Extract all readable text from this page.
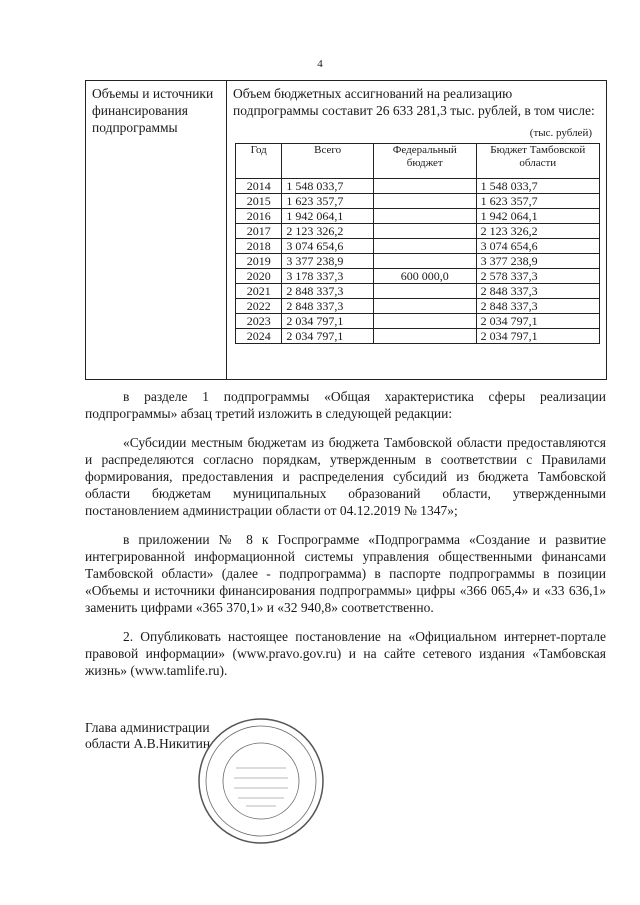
4
Объемы и источники финансирования подпрограммы
Объем бюджетных ассигнований на реализацию подпрограммы составит 26 633 281,3 тыс. рублей, в том числе:
(тыс. рублей)
Год	Всего	Федеральный бюджет	Бюджет Тамбовской области
2014	1 548 033,7		1 548 033,7
2015	1 623 357,7		1 623 357,7
2016	1 942 064,1		1 942 064,1
2017	2 123 326,2		2 123 326,2
2018	3 074 654,6		3 074 654,6
2019	3 377 238,9		3 377 238,9
2020	3 178 337,3	600 000,0	2 578 337,3
2021	2 848 337,3		2 848 337,3
2022	2 848 337,3		2 848 337,3
2023	2 034 797,1		2 034 797,1
2024	2 034 797,1		2 034 797,1

в разделе 1 подпрограммы «Общая характеристика сферы реализации подпрограммы» абзац третий изложить в следующей редакции:

«Субсидии местным бюджетам из бюджета Тамбовской области предоставляются и распределяются согласно порядкам, утвержденным в соответствии с Правилами формирования, предоставления и распределения субсидий из бюджета Тамбовской области бюджетам муниципальных образований области, утвержденными постановлением администрации области от 04.12.2019 № 1347»;

в приложении № 8 к Госпрограмме «Подпрограмма «Создание и развитие интегрированной информационной системы управления общественными финансами Тамбовской области» (далее - подпрограмма) в паспорте подпрограммы в позиции «Объемы и источники финансирования подпрограммы» цифры «366 065,4» и «33 636,1» заменить цифрами «365 370,1» и «32 940,8» соответственно.

2. Опубликовать настоящее постановление на «Официальном интернет-портале правовой информации» (www.pravo.gov.ru) и на сайте сетевого издания «Тамбовская жизнь» (www.tamlife.ru).

Глава администрации
области А.В.Никитин
